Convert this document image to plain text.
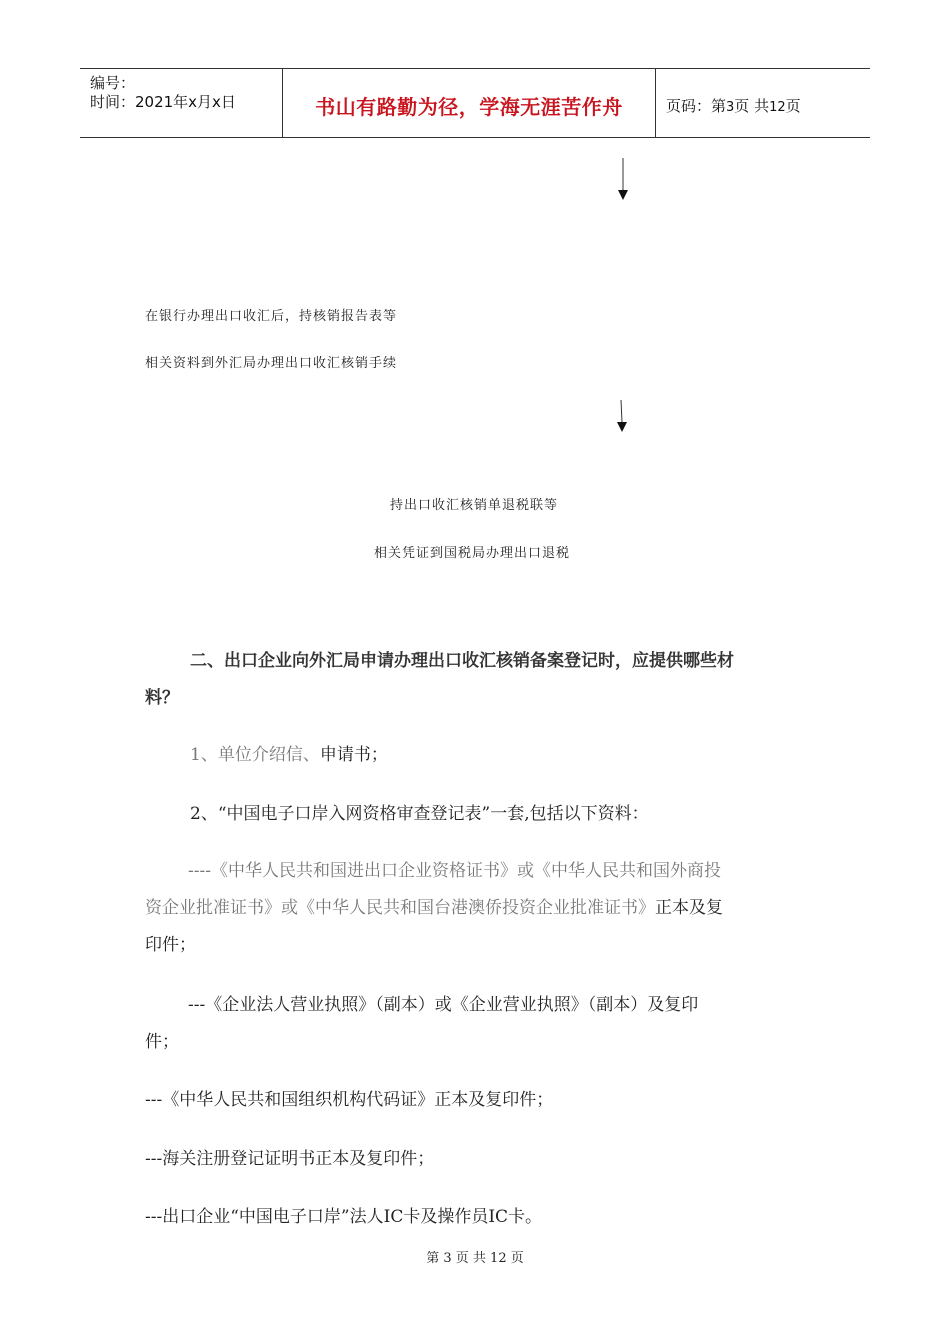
编号：
时间：2021年x月x日	书山有路勤为径，学海无涯苦作舟	页码：第3页 共12页
在银行办理出口收汇后，持核销报告表等
相关资料到外汇局办理出口收汇核销手续
持出口收汇核销单退税联等
相关凭证到国税局办理出口退税
二、出口企业向外汇局申请办理出口收汇核销备案登记时，应提供哪些材
料？
1、单位介绍信、申请书；
2、“中国电子口岸入网资格审查登记表”一套,包括以下资料：
----《中华人民共和国进出口企业资格证书》或《中华人民共和国外商投
资企业批准证书》或《中华人民共和国台港澳侨投资企业批准证书》正本及复
印件；
---《企业法人营业执照》（副本）或《企业营业执照》（副本）及复印
件；
---《中华人民共和国组织机构代码证》正本及复印件；
---海关注册登记证明书正本及复印件；
---出口企业“中国电子口岸”法人IC卡及操作员IC卡。
第 3 页 共 12 页
